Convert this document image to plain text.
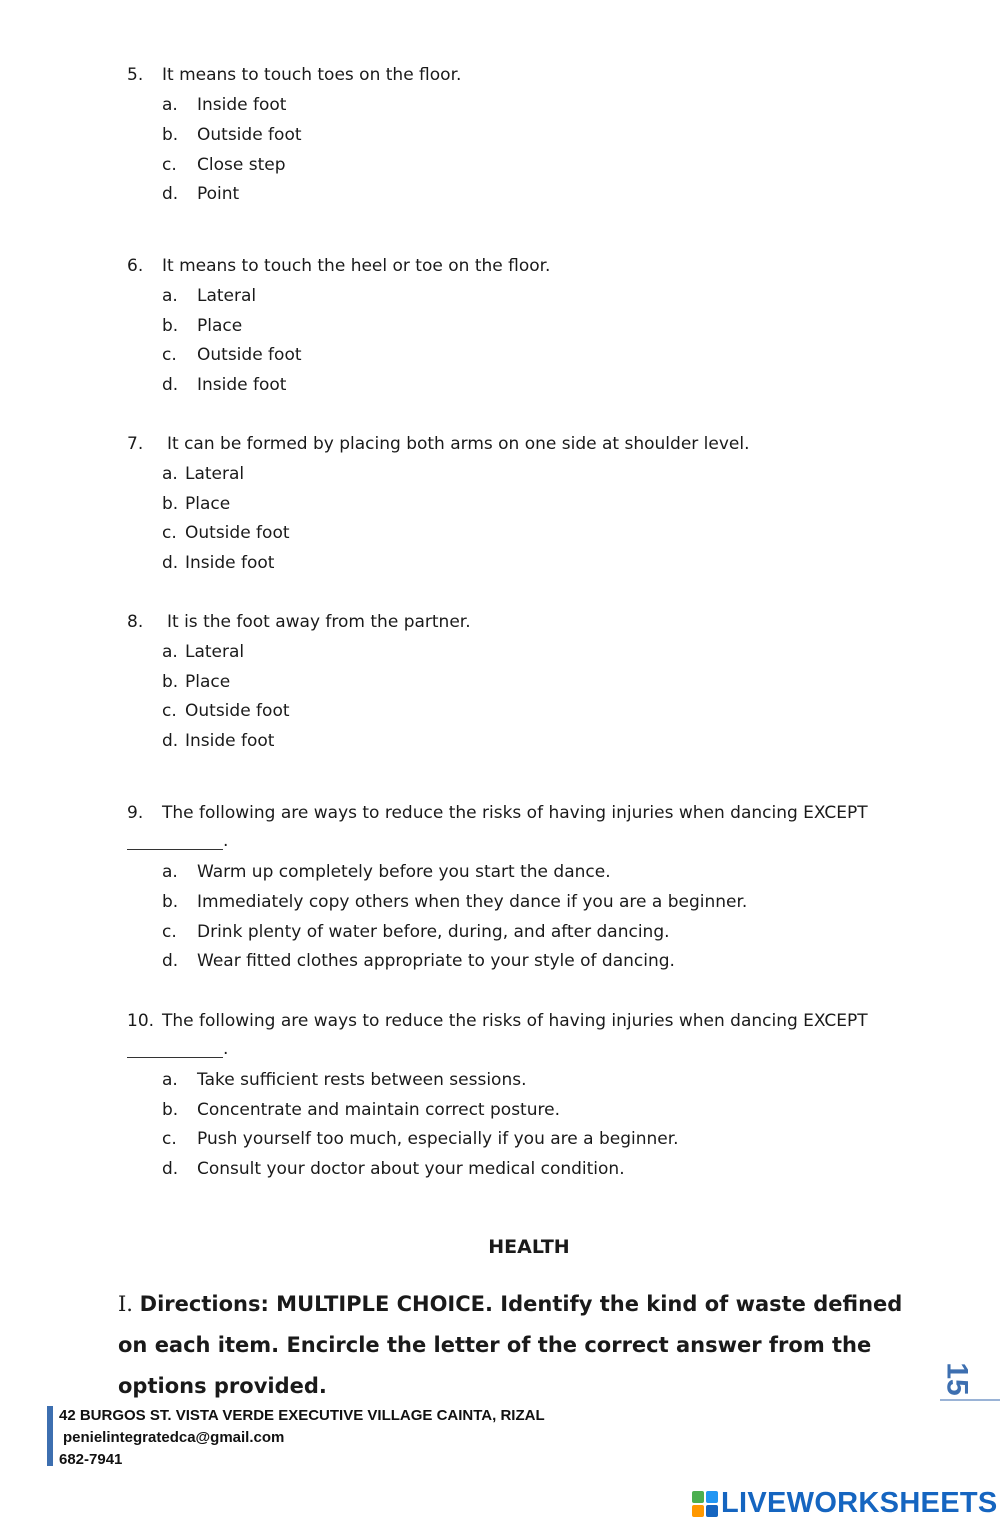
5. It means to touch toes on the floor.
a. Inside foot
b. Outside foot
c. Close step
d. Point
6. It means to touch the heel or toe on the floor.
a. Lateral
b. Place
c. Outside foot
d. Inside foot
7. It can be formed by placing both arms on one side at shoulder level.
a. Lateral
b. Place
c. Outside foot
d. Inside foot
8. It is the foot away from the partner.
a. Lateral
b. Place
c. Outside foot
d. Inside foot
9. The following are ways to reduce the risks of having injuries when dancing EXCEPT
.
a. Warm up completely before you start the dance.
b. Immediately copy others when they dance if you are a beginner.
c. Drink plenty of water before, during, and after dancing.
d. Wear fitted clothes appropriate to your style of dancing.
10. The following are ways to reduce the risks of having injuries when dancing EXCEPT
.
a. Take sufficient rests between sessions.
b. Concentrate and maintain correct posture.
c. Push yourself too much, especially if you are a beginner.
d. Consult your doctor about your medical condition.
HEALTH
I. Directions: MULTIPLE CHOICE. Identify the kind of waste defined on each item. Encircle the letter of the correct answer from the options provided.
42 BURGOS ST. VISTA VERDE EXECUTIVE VILLAGE CAINTA, RIZAL
penielintegratedca@gmail.com
682-7941
15
LIVEWORKSHEETS
